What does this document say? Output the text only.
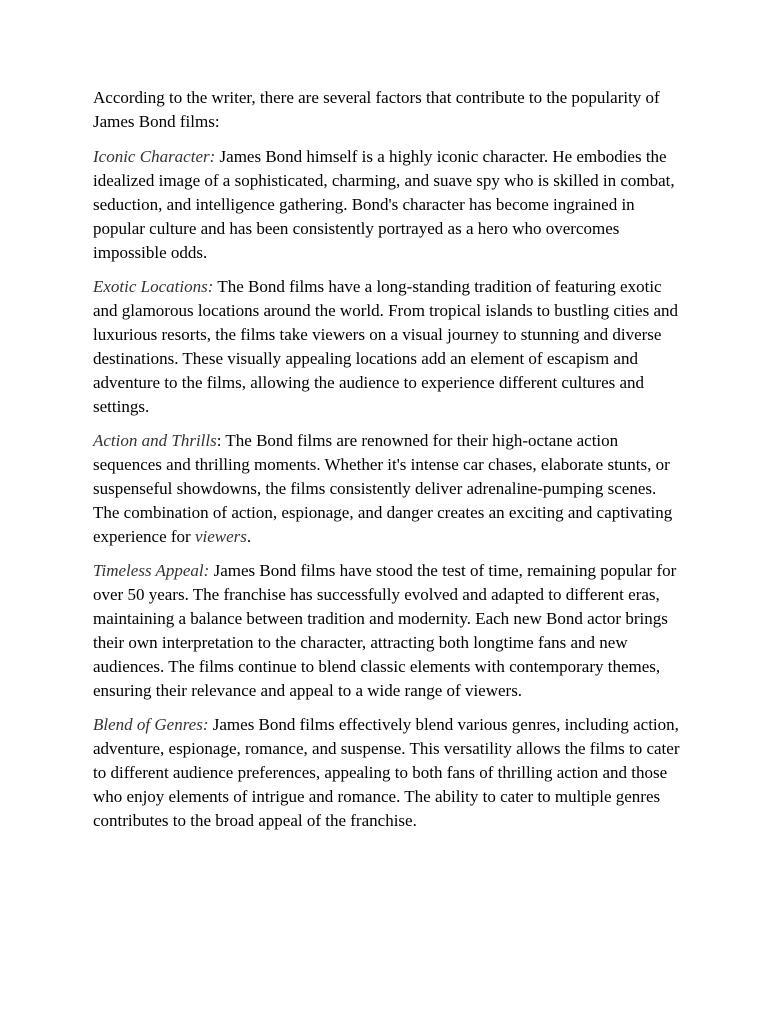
According to the writer, there are several factors that contribute to the popularity of James Bond films:

Iconic Character: James Bond himself is a highly iconic character. He embodies the idealized image of a sophisticated, charming, and suave spy who is skilled in combat, seduction, and intelligence gathering. Bond's character has become ingrained in popular culture and has been consistently portrayed as a hero who overcomes impossible odds.

Exotic Locations: The Bond films have a long-standing tradition of featuring exotic and glamorous locations around the world. From tropical islands to bustling cities and luxurious resorts, the films take viewers on a visual journey to stunning and diverse destinations. These visually appealing locations add an element of escapism and adventure to the films, allowing the audience to experience different cultures and settings.

Action and Thrills: The Bond films are renowned for their high-octane action sequences and thrilling moments. Whether it's intense car chases, elaborate stunts, or suspenseful showdowns, the films consistently deliver adrenaline-pumping scenes. The combination of action, espionage, and danger creates an exciting and captivating experience for viewers.

Timeless Appeal: James Bond films have stood the test of time, remaining popular for over 50 years. The franchise has successfully evolved and adapted to different eras, maintaining a balance between tradition and modernity. Each new Bond actor brings their own interpretation to the character, attracting both longtime fans and new audiences. The films continue to blend classic elements with contemporary themes, ensuring their relevance and appeal to a wide range of viewers.

Blend of Genres: James Bond films effectively blend various genres, including action, adventure, espionage, romance, and suspense. This versatility allows the films to cater to different audience preferences, appealing to both fans of thrilling action and those who enjoy elements of intrigue and romance. The ability to cater to multiple genres contributes to the broad appeal of the franchise.
